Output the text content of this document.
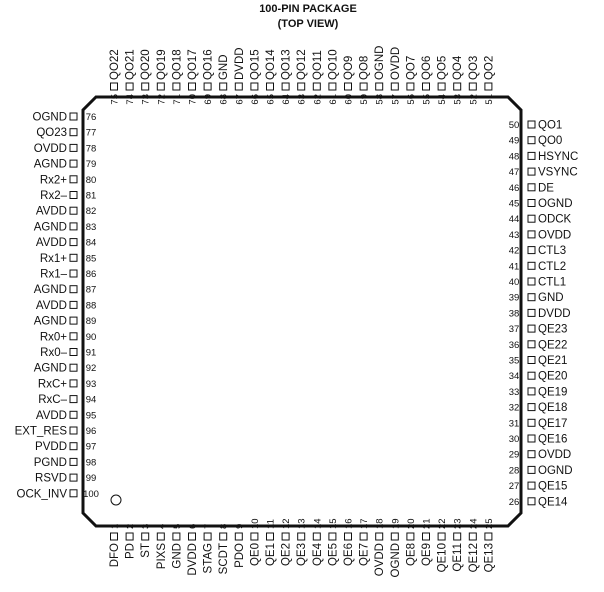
100-PIN PACKAGE
(TOP VIEW)
OGND 76
QO23 77
OVDD 78
AGND 79
Rx2+ 80
Rx2– 81
AVDD 82
AGND 83
AVDD 84
Rx1+ 85
Rx1– 86
AGND 87
AVDD 88
AGND 89
Rx0+ 90
Rx0– 91
AGND 92
RxC+ 93
RxC– 94
AVDD 95
EXT_RES 96
PVDD 97
PGND 98
RSVD 99
OCK_INV 100
50 QO1
49 QO0
48 HSYNC
47 VSYNC
46 DE
45 OGND
44 ODCK
43 OVDD
42 CTL3
41 CTL2
40 CTL1
39 GND
38 DVDD
37 QE23
36 QE22
35 QE21
34 QE20
33 QE19
32 QE18
31 QE17
30 QE16
29 OVDD
28 OGND
27 QE15
26 QE14
QO22
75
QO21
74
QO20
73
QO19
72
QO18
71
QO17
70
QO16
69
GND
68
DVDD
67
QO15
66
QO14
65
QO13
64
QO12
63
QO11
62
QO10
61
QO9
60
QO8
59
OGND
58
OVDD
57
QO7
56
QO6
55
QO5
54
QO4
53
QO3
52
QO2
51
1
DFO
2
PD
3
ST
4
PIXS
5
GND
6
DVDD
7
STAG
8
SCDT
9
PDO
10
QE0
11
QE1
12
QE2
13
QE3
14
QE4
15
QE5
16
QE6
17
QE7
18
OVDD
19
OGND
20
QE8
21
QE9
22
QE10
23
QE11
24
QE12
25
QE13
